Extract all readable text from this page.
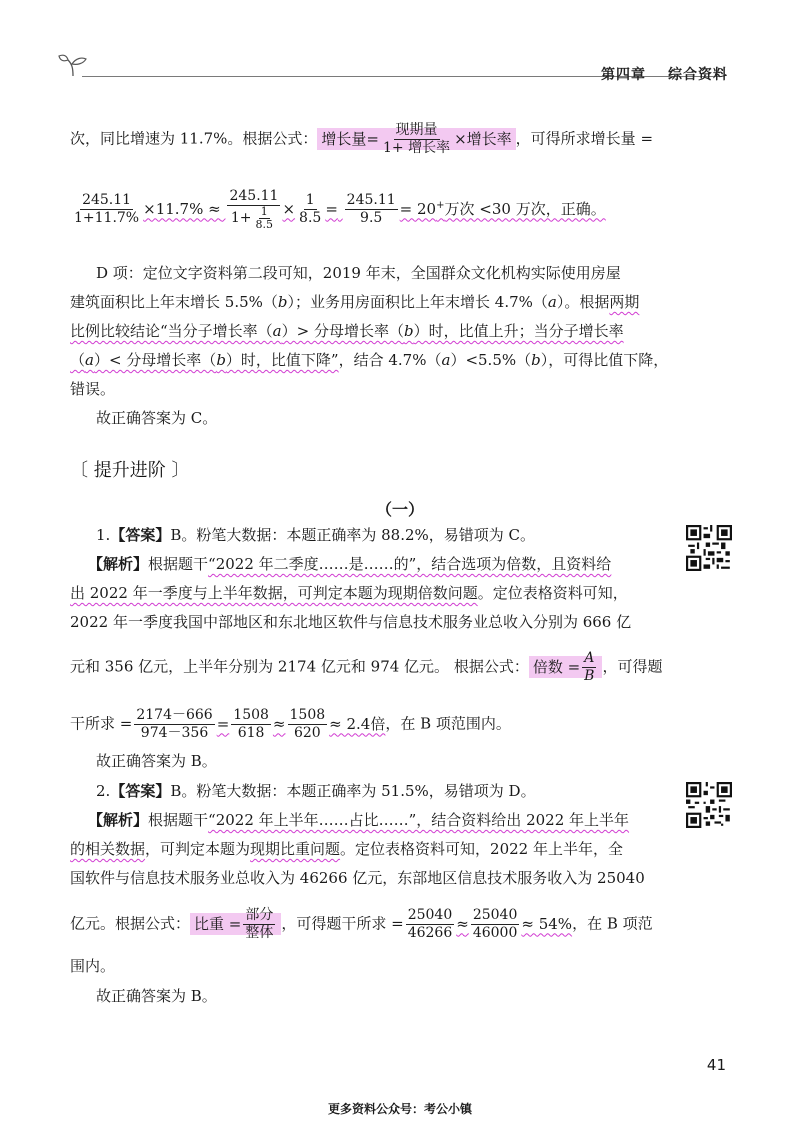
第四章 综合资料
次，同比增速为 11.7%。根据公式： 增长量= $\frac{\text{现期量}}{\text{1+ 增长率}}$ ×增长率 ，可得所求增长量 =
$\frac{245.11}{1+11.7\%} \times 11.7\% \approx \frac{245.11}{1+ \frac{1}{8.5}} \times \frac{1}{8.5} = \frac{245.11}{9.5} = 20^+$万次 <30 万次，正确。
D 项：定位文字资料第二段可知，2019 年末，全国群众文化机构实际使用房屋
建筑面积比上年末增长 5.5%（b）；业务用房面积比上年末增长 4.7%（a）。根据两期
比例比较结论“当分子增长率（a）> 分母增长率（b）时，比值上升；当分子增长率
（a）< 分母增长率（b）时，比值下降”，结合 4.7%（a）<5.5%（b），可得比值下降，
错误。
故正确答案为 C。
〔 提升进阶 〕
（一）
1.【答案】B。粉笔大数据：本题正确率为 88.2%，易错项为 C。
【解析】根据题干“2022 年二季度……是……的”，结合选项为倍数，且资料给
出 2022 年一季度与上半年数据，可判定本题为现期倍数问题。定位表格资料可知，
2022 年一季度我国中部地区和东北地区软件与信息技术服务业总收入分别为 666 亿
元和 356 亿元，上半年分别为 2174 亿元和 974 亿元。 根据公式： 倍数 = $\frac{A}{B}$ ，可得题
干所求 = $\frac{2174-666}{974-356} = \frac{1508}{618} \approx \frac{1508}{620} \approx 2.4$倍，在 B 项范围内。
故正确答案为 B。
2.【答案】B。粉笔大数据：本题正确率为 51.5%，易错项为 D。
【解析】根据题干“2022 年上半年……占比……”，结合资料给出 2022 年上半年
的相关数据，可判定本题为现期比重问题。定位表格资料可知，2022 年上半年，全
国软件与信息技术服务业总收入为 46266 亿元，东部地区信息技术服务收入为 25040
亿元。根据公式： 比重 = $\frac{\text{部分}}{\text{整体}}$ ，可得题干所求 = $\frac{25040}{46266} \approx \frac{25040}{46000} \approx 54\%$，在 B 项范
围内。
故正确答案为 B。
41
更多资料公众号：考公小镇
